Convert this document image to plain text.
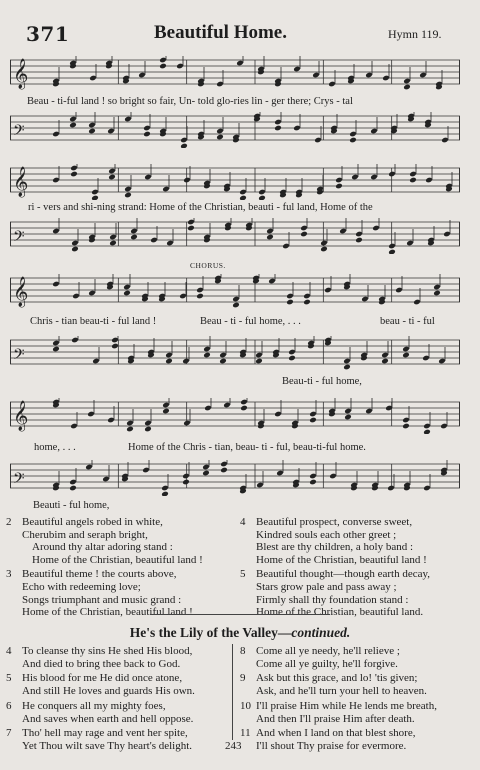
371	Beautiful Home.	Hymn 119.
𝄞
Beau - ti-ful land ! so bright so fair, Un- told glo-ries lin - ger there; Crys - tal
𝄢
𝄞
ri - vers and shi-ning strand: Home of the Christian, beauti - ful land, Home of the
𝄢
CHORUS.
𝄞
Chris - tian beau-ti - ful land !	Beau - ti - ful home, . . .	beau - ti - ful
𝄢
Beau-ti - ful home,
𝄞
home, . . .	Home of the Chris - tian, beau- ti - ful, beau-ti-ful home.
𝄢
Beauti - ful home,
2 Beautiful angels robed in white,
Cherubim and seraph bright,
Around thy altar adoring stand :
Home of the Christian, beautiful land !
3 Beautiful theme ! the courts above,
Echo with redeeming love;
Songs triumphant and music grand :
Home of the Christian, beautiful land !
4 Beautiful prospect, converse sweet,
Kindred souls each other greet ;
Blest are thy children, a holy band :
Home of the Christian, beautiful land !
5 Beautiful thought—though earth decay,
Stars grow pale and pass away ;
Firmly shall thy foundation stand :
Home of the Christian, beautiful land.
He's the Lily of the Valley—continued.
4 To cleanse thy sins He shed His blood,
And died to bring thee back to God.
5 His blood for me He did once atone,
And still He loves and guards His own.
6 He conquers all my mighty foes,
And saves when earth and hell oppose.
7 Tho' hell may rage and vent her spite,
Yet Thou wilt save Thy heart's delight.
8 Come all ye needy, he'll relieve ;
Come all ye guilty, he'll forgive.
9 Ask but this grace, and lo! 'tis given;
Ask, and he'll turn your hell to heaven.
10 I'll praise Him while He lends me breath,
And then I'll praise Him after death.
11 And when I land on that blest shore,
I'll shout Thy praise for evermore.
243
